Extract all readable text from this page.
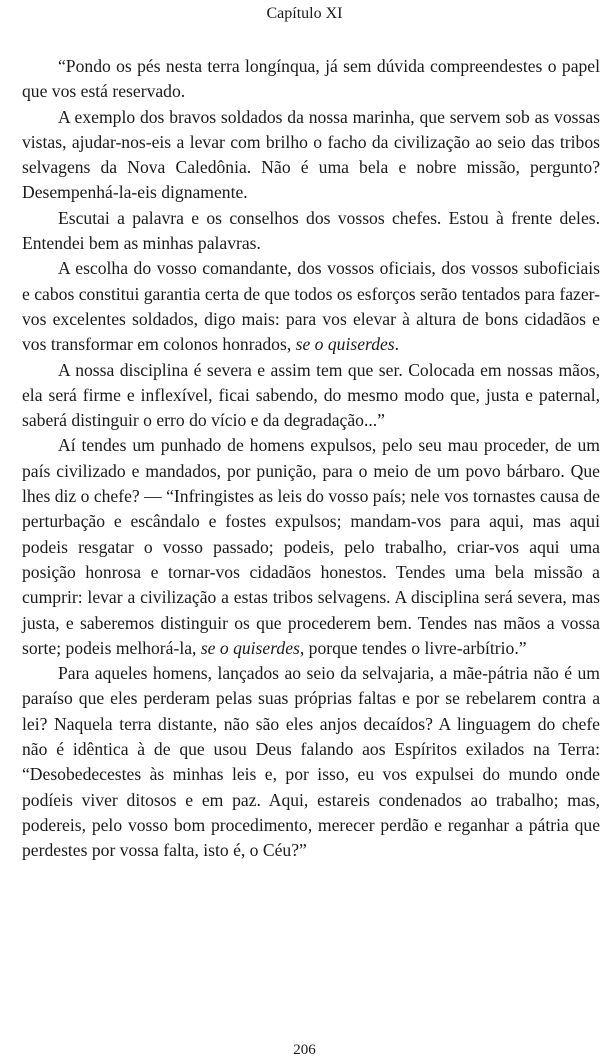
Capítulo XI

“Pondo os pés nesta terra longínqua, já sem dúvida compreendestes o papel que vos está reservado.

A exemplo dos bravos soldados da nossa marinha, que servem sob as vossas vistas, ajudar-nos-eis a levar com brilho o facho da civilização ao seio das tribos selvagens da Nova Caledônia. Não é uma bela e nobre missão, pergunto? Desempenhá-la-eis dignamente.

Escutai a palavra e os conselhos dos vossos chefes. Estou à frente deles. Entendei bem as minhas palavras.

A escolha do vosso comandante, dos vossos oficiais, dos vossos suboficiais e cabos constitui garantia certa de que todos os esforços serão tentados para fazer-vos excelentes soldados, digo mais: para vos elevar à altura de bons cidadãos e vos transformar em colonos honrados, se o quiserdes.

A nossa disciplina é severa e assim tem que ser. Colocada em nossas mãos, ela será firme e inflexível, ficai sabendo, do mesmo modo que, justa e paternal, saberá distinguir o erro do vício e da degradação...”

Aí tendes um punhado de homens expulsos, pelo seu mau proceder, de um país civilizado e mandados, por punição, para o meio de um povo bárbaro. Que lhes diz o chefe? — “Infringistes as leis do vosso país; nele vos tornastes causa de perturbação e escândalo e fostes expulsos; mandam-vos para aqui, mas aqui podeis resgatar o vosso passado; podeis, pelo trabalho, criar-vos aqui uma posição honrosa e tornar-vos cidadãos honestos. Tendes uma bela missão a cumprir: levar a civilização a estas tribos selvagens. A disciplina será severa, mas justa, e saberemos distinguir os que procederem bem. Tendes nas mãos a vossa sorte; podeis melhorá-la, se o quiserdes, porque tendes o livre-arbítrio.”

Para aqueles homens, lançados ao seio da selvajaria, a mãe-pátria não é um paraíso que eles perderam pelas suas próprias faltas e por se rebelarem contra a lei? Naquela terra distante, não são eles anjos decaídos? A linguagem do chefe não é idêntica à de que usou Deus falando aos Espíritos exilados na Terra: “Desobedecestes às minhas leis e, por isso, eu vos expulsei do mundo onde podíeis viver ditosos e em paz. Aqui, estareis condenados ao trabalho; mas, podereis, pelo vosso bom procedimento, merecer perdão e reganhar a pátria que perdestes por vossa falta, isto é, o Céu?”

206
